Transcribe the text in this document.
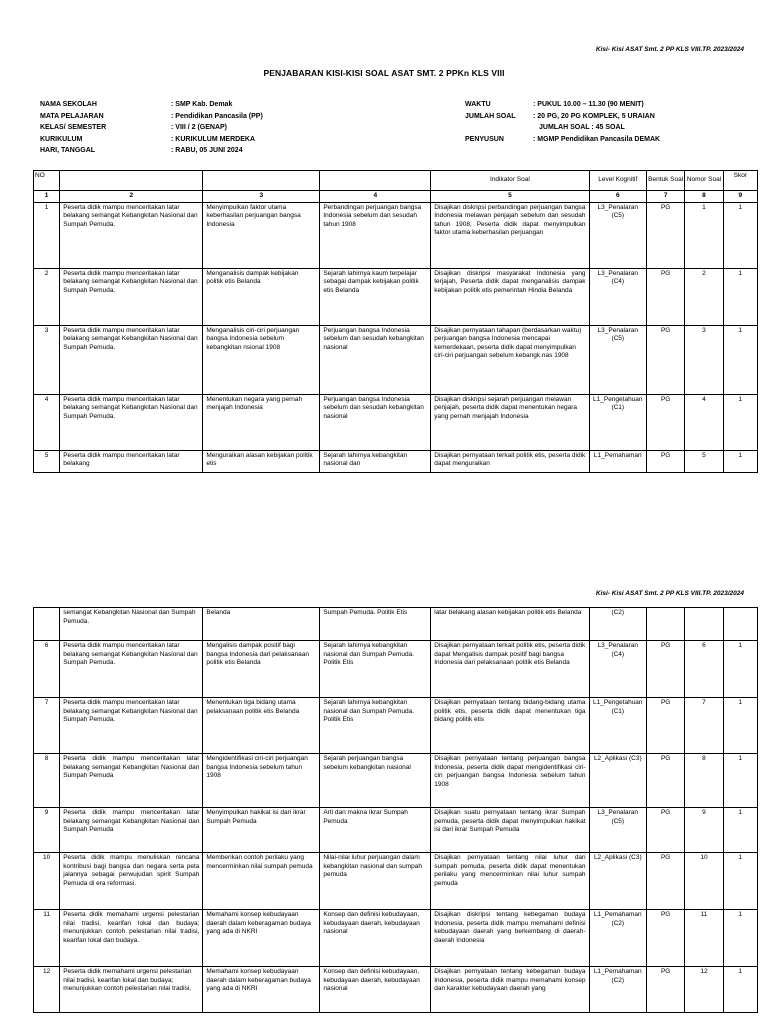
Kisi- Kisi ASAT Smt. 2 PP KLS VIII.TP. 2023/2024
PENJABARAN KISI-KISI SOAL ASAT SMT. 2 PPKn KLS VIII
NAMA SEKOLAH	: SMP Kab. Demak
MATA PELAJARAN	: Pendidikan Pancasila (PP)
KELAS/ SEMESTER	: VIII / 2 (GENAP)
KURIKULUM	: KURIKULUM MERDEKA
HARI, TANGGAL	: RABU, 05 JUNI 2024
WAKTU	: PUKUL 10.00 – 11.30 (90 MENIT)
JUMLAH SOAL	: 20 PG, 20 PG KOMPLEK, 5 URAIAN
JUMLAH SOAL : 45 SOAL
PENYUSUN	: MGMP Pendidikan Pancasila DEMAK
NO				Indikator Soal	Level Kognitif	Bentuk Soal	Nomor Soal	Skor
1	2	3	4	5	6	7	8	9
1	Peserta didik mampu menceritakan latar belakang semangat Kebangkitan Nasional dan Sumpah Pemuda.	Menyimpulkan faktor utama keberhasilan perjuangan bangsa Indonesia	Perbandingan perjuangan bangsa Indonesia sebelum dan sesudah tahun 1908	Disajikan diskripsi perbandingan perjuangan bangsa Indonesia melawan penjajah sebelum dan sesudah tahun 1908, Peserta didik dapat menyimpulkan faktor utama keberhasilan perjuangan	L3_Penalaran (C5)	PG	1	1
2	Peserta didik mampu menceritakan latar belakang semangat Kebangkitan Nasional dan Sumpah Pemuda.	Menganalisis dampak kebijakan politik etis Belanda	Sejarah lahirnya kaum terpelajar sebagai dampak kebijakan politik etis Belanda	Disajikan diskripsi masyarakat Indonesia yang terjajah, Peserta didik dapat menganalisis dampak kebijakan politik etis pemerintah Hindia Belanda	L3_Penalaran (C4)	PG	2	1
3	Peserta didik mampu menceritakan latar belakang semangat Kebangkitan Nasional dan Sumpah Pemuda.	Menganalisis ciri-ciri perjuangan bangsa Indonesia sebelum kebangkitan nsional 1908	Perjuangan bangsa Indonesia sebelum dan sesudah kebangkitan nasional	Disajikan pernyataan tahapan (berdasarkan waktu) perjuangan bangsa Indonesia mencapai kemerdekaan, peserta didik dapat menyimpulkan ciri-ciri perjuangan sebelum kebangk.nas 1908	L3_Penalaran (C5)	PG	3	1
4	Peserta didik mampu menceritakan latar belakang semangat Kebangkitan Nasional dan Sumpah Pemuda.	Menentukan negara yang pernah menjajah Indonesia	Perjuangan bangsa Indonesia sebelum dan sesudah kebangkitan nasional	Disajikan diskripsi sejarah perjuangan melawan penjajah, peserta didik dapat menentukan negara yang pernah menjajah Indonesia	L1_Pengetahuan (C1)	PG	4	1
5	Peserta didik mampu menceritakan latar belakang	Menguraikan alasan kebijakan politik etis	Sejarah lahirnya kebangkitan nasional dan	Disajikan pernyataan terkait politik etis, peserta didik dapat menguraikan	L1_Pemahaman	PG	5	1
Kisi- Kisi ASAT Smt. 2 PP KLS VIII.TP. 2023/2024
	semangat Kebangkitan Nasional dan Sumpah Pemuda.	Belanda	Sumpah Pemuda. Politik Etis	latar belakang alasan kebijakan politik etis Belanda	(C2)			
6	Peserta didik mampu menceritakan latar belakang semangat Kebangkitan Nasional dan Sumpah Pemuda.	Mengalisis dampak positif bagi bangsa Indonesia dari pelaksanaan politik etis Belanda	Sejarah lahirnya kebangkitan nasional dan Sumpah Pemuda. Politik Etis	Disajikan pernyataan terkait politik etis, peserta didik dapat Mengalisis dampak positif bagi bangsa Indonesia dari pelaksanaan politik etis Belanda	L3_Penalaran (C4)	PG	6	1
7	Peserta didik mampu menceritakan latar belakang semangat Kebangkitan Nasional dan Sumpah Pemuda.	Menentukan tiga bidang utama pelaksanaan politik etis Belanda	Sejarah lahirnya kebangkitan nasional dan Sumpah Pemuda. Politik Etis	Disajikan pernyataan tentang bidang-bidang utama politik etis, peserta didik dapat menentukan tiga bidang politik etis	L1_Pengetahuan (C1)	PG	7	1
8	Peserta didik mampu menceritakan latar belakang semangat Kebangkitan Nasional dan Sumpah Pemuda	Mengidentifikasi ciri-ciri perjuangan bangsa Indonesia sebelum tahun 1908	Sejarah perjuangan bangsa sebelum kebangkitan nasional	Disajikan pernyataan tentang perjuangan bangsa Indonesia, peserta didik dapat mengidentifikasi ciri-ciri perjuangan bangsa Indonesia sebelum tahun 1908	L2_Aplikasi (C3)	PG	8	1
9	Peserta didik mampu menceritakan latar belakang semangat Kebangkitan Nasional dan Sumpah Pemuda	Menyimpulkan hakikat isi dari ikrar Sumpah Pemuda	Arti dan makna Ikrar Sumpah Pemuda	Disajikan suatu pernyataan tentang ikrar Sumpah pemuda, peserta didik dapat menyimpulkan hakikat isi dari ikrar Sumpah Pemuda	L3_Penalaran (C5)	PG	9	1
10	Peserta didik mampu menuliskan rencana kontribusi bagi bangsa dan negara serta peta jalannya sebagai perwujudan spirit Sumpah Pemuda di era reformasi.	Memberikan contoh perilaku yang mencerminkan nilai sumpah pemuda	Nilai-nilai luhur perjuangan dalam kebangkitan nasional dan sumpah pemuda	Disajikan pernyataan tentang nilai luhur dari sumpah pemuda, peserta didik dapat menentukan perilaku yang mencerminkan nilai luhur sumpah pemuda	L2_Aplikasi (C3)	PG	10	1
11	Peserta didik memahami urgensi pelestarian nilai tradisi, kearifan lokal dan budaya; menunjukkan contoh pelestarian nilai tradisi, kearifan lokal dan budaya.	Memahami konsep kebudayaan daerah dalam keberagaman budaya yang ada di NKRI	Konsep dan definisi kebudayaan, kebudayaan daerah, kebudayaan nasional	Disajikan diskripsi tentang kebegaman budaya Indonesia, peserta didik mampu memahami definisi kebudayaan daerah yang berkembang di daerah-daerah Indonesia	L1_Pemahaman (C2)	PG	11	1
12	Peserta didik memahami urgensi pelestarian nilai tradisi, kearifan lokal dan budaya; menunjukkan contoh pelestarian nilai tradisi,	Memahami konsep kebudayaan daerah dalam keberagaman budaya yang ada di NKRI	Konsep dan definisi kebudayaan, kebudayaan daerah, kebudayaan nasional	Disajikan pernyataan tentang kebegaman budaya Indonesia, peserta didik mampu memahami konsep dan karakter kebudayaan daerah yang	L1_Pemahaman (C2)	PG	12	1
